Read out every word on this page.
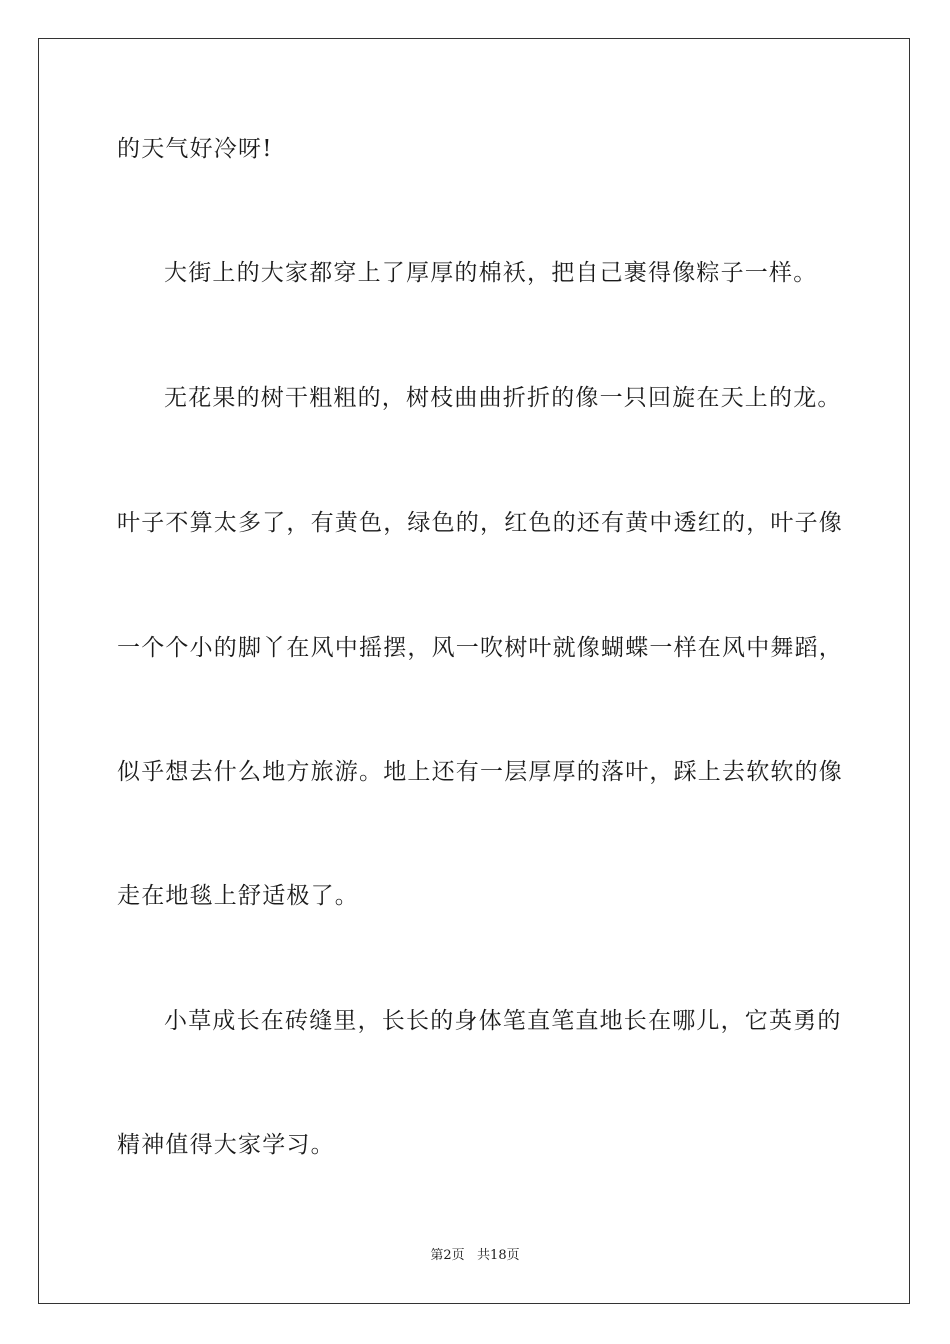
的天气好冷呀!
大街上的大家都穿上了厚厚的棉袄，把自己裹得像粽子一样。
无花果的树干粗粗的，树枝曲曲折折的像一只回旋在天上的龙。
叶子不算太多了，有黄色，绿色的，红色的还有黄中透红的，叶子像
一个个小的脚丫在风中摇摆，风一吹树叶就像蝴蝶一样在风中舞蹈，
似乎想去什么地方旅游。地上还有一层厚厚的落叶，踩上去软软的像
走在地毯上舒适极了。
小草成长在砖缝里，长长的身体笔直笔直地长在哪儿，它英勇的
精神值得大家学习。
第2页   共18页
